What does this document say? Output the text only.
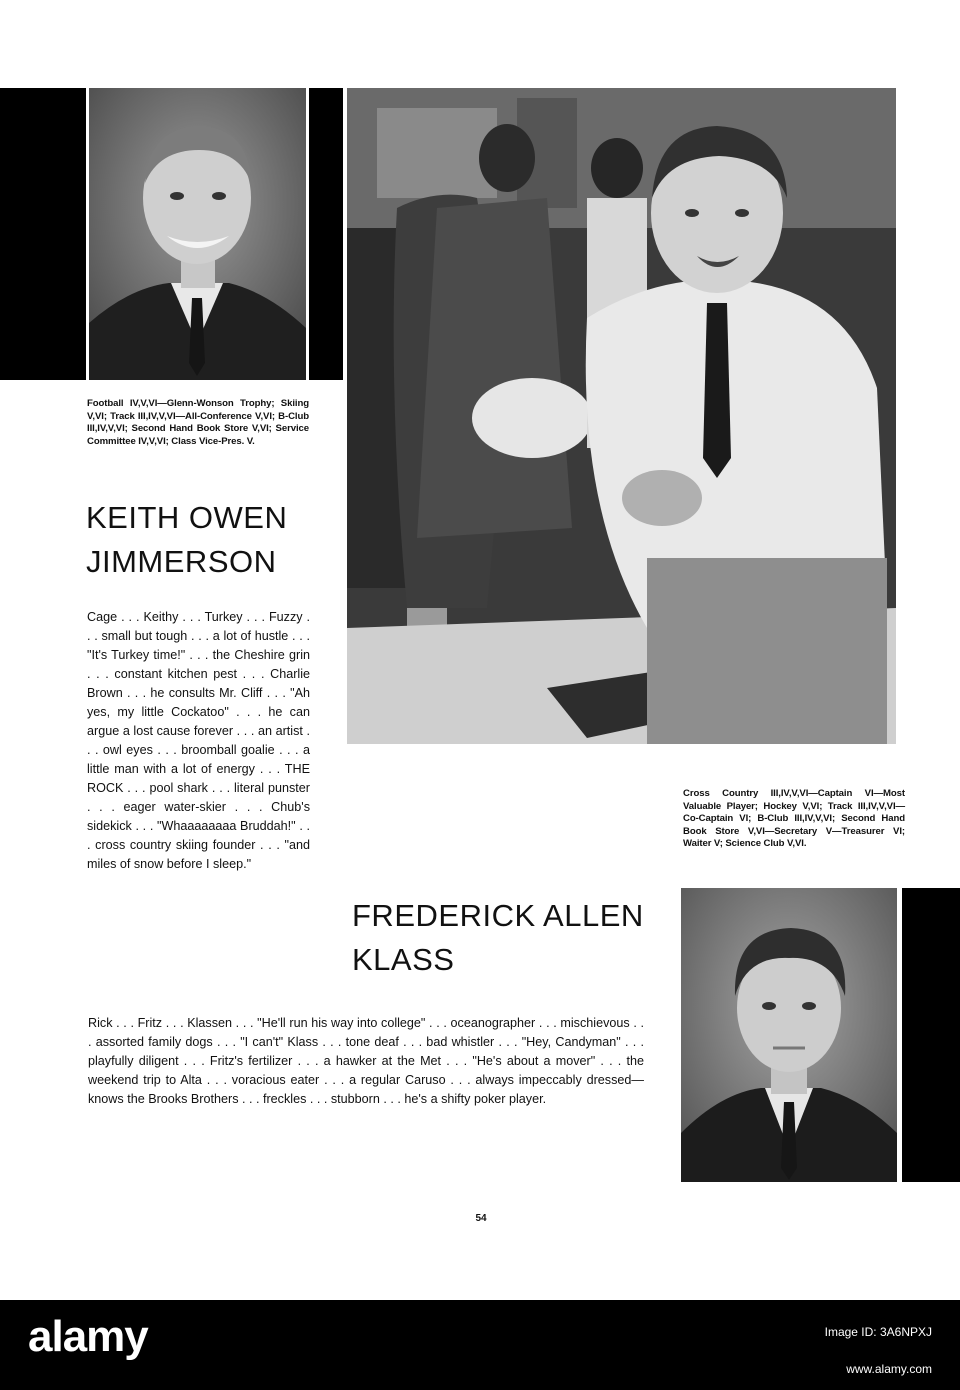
Football IV,V,VI—Glenn-Wonson Trophy; Skiing V,VI; Track III,IV,V,VI—All-Conference V,VI; B-Club III,IV,V,VI; Second Hand Book Store V,VI; Service Committee IV,V,VI; Class Vice-Pres. V.
KEITH OWEN
JIMMERSON

Cage . . . Keithy . . . Turkey . . . Fuzzy . . . small but tough . . . a lot of hustle . . . "It's Turkey time!" . . . the Cheshire grin . . . constant kitchen pest . . . Charlie Brown . . . he consults Mr. Cliff . . . "Ah yes, my little Cockatoo" . . . he can argue a lost cause forever . . . an artist . . . owl eyes . . . broomball goalie . . . a little man with a lot of energy . . . THE ROCK . . . pool shark . . . literal punster . . . eager water-skier . . . Chub's sidekick . . . "Whaaaaaaaa Bruddah!" . . . cross country skiing founder . . . "and miles of snow before I sleep."

Cross Country III,IV,V,VI—Captain VI—Most Valuable Player; Hockey V,VI; Track III,IV,V,VI—Co-Captain VI; B-Club III,IV,V,VI; Second Hand Book Store V,VI—Secretary V—Treasurer VI; Waiter V; Science Club V,VI.
FREDERICK ALLEN
KLASS

Rick . . . Fritz . . . Klassen . . . "He'll run his way into college" . . . oceanographer . . . mischievous . . . assorted family dogs . . . "I can't" Klass . . . tone deaf . . . bad whistler . . . "Hey, Candyman" . . . playfully diligent . . . Fritz's fertilizer . . . a hawker at the Met . . . "He's about a mover" . . . the weekend trip to Alta . . . voracious eater . . . a regular Caruso . . . always impeccably dressed—knows the Brooks Brothers . . . freckles . . . stubborn . . . he's a shifty poker player.

54
alamy	Image ID: 3A6NPXJ
www.alamy.com
